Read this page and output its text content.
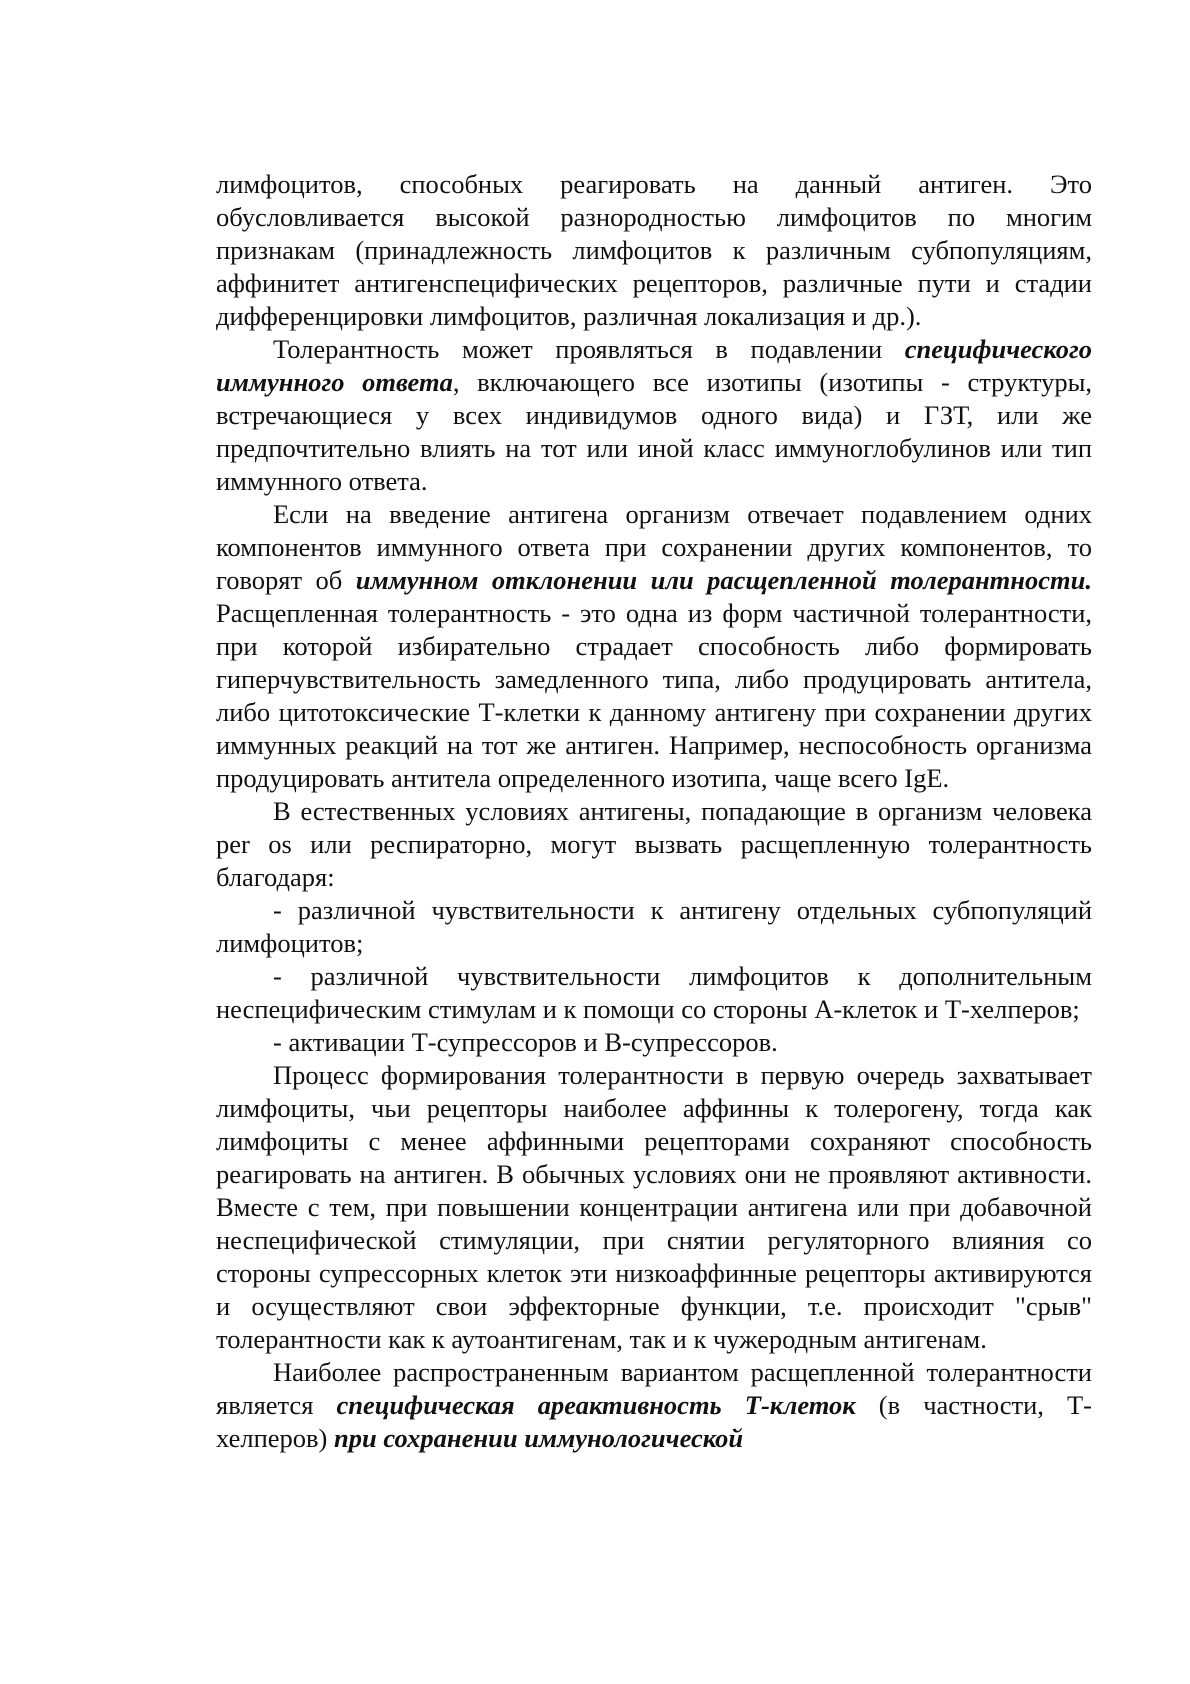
лимфоцитов, способных реагировать на данный антиген. Это обусловливается высокой разнородностью лимфоцитов по многим признакам (принадлежность лимфоцитов к различным субпопуляциям, аффинитет антигенспецифических рецепторов, различные пути и стадии дифференцировки лимфоцитов, различная локализация и др.).

Толерантность может проявляться в подавлении специфического иммунного ответа, включающего все изотипы (изотипы - структуры, встречающиеся у всех индивидумов одного вида) и ГЗТ, или же предпочтительно влиять на тот или иной класс иммуноглобулинов или тип иммунного ответа.

Если на введение антигена организм отвечает подавлением одних компонентов иммунного ответа при сохранении других компонентов, то говорят об иммунном отклонении или расщепленной толерантности. Расщепленная толерантность - это одна из форм частичной толерантности, при которой избирательно страдает способность либо формировать гиперчувствительность замедленного типа, либо продуцировать антитела, либо цитотоксические Т-клетки к данному антигену при сохранении других иммунных реакций на тот же антиген. Например, неспособность организма продуцировать антитела определенного изотипа, чаще всего IgE.

В естественных условиях антигены, попадающие в организм человека per os или респираторно, могут вызвать расщепленную толерантность благодаря:

- различной чувствительности к антигену отдельных субпопуляций лимфоцитов;

- различной чувствительности лимфоцитов к дополнительным неспецифическим стимулам и к помощи со стороны А-клеток и Т-хелперов;

- активации Т-супрессоров и В-супрессоров.

Процесс формирования толерантности в первую очередь захватывает лимфоциты, чьи рецепторы наиболее аффинны к толерогену, тогда как лимфоциты с менее аффинными рецепторами сохраняют способность реагировать на антиген. В обычных условиях они не проявляют активности. Вместе с тем, при повышении концентрации антигена или при добавочной неспецифической стимуляции, при снятии регуляторного влияния со стороны супрессорных клеток эти низкоаффинные рецепторы активируются и осуществляют свои эффекторные функции, т.е. происходит "срыв" толерантности как к аутоантигенам, так и к чужеродным антигенам.

Наиболее распространенным вариантом расщепленной толерантности является специфическая ареактивность Т-клеток (в частности, Т-хелперов) при сохранении иммунологической
